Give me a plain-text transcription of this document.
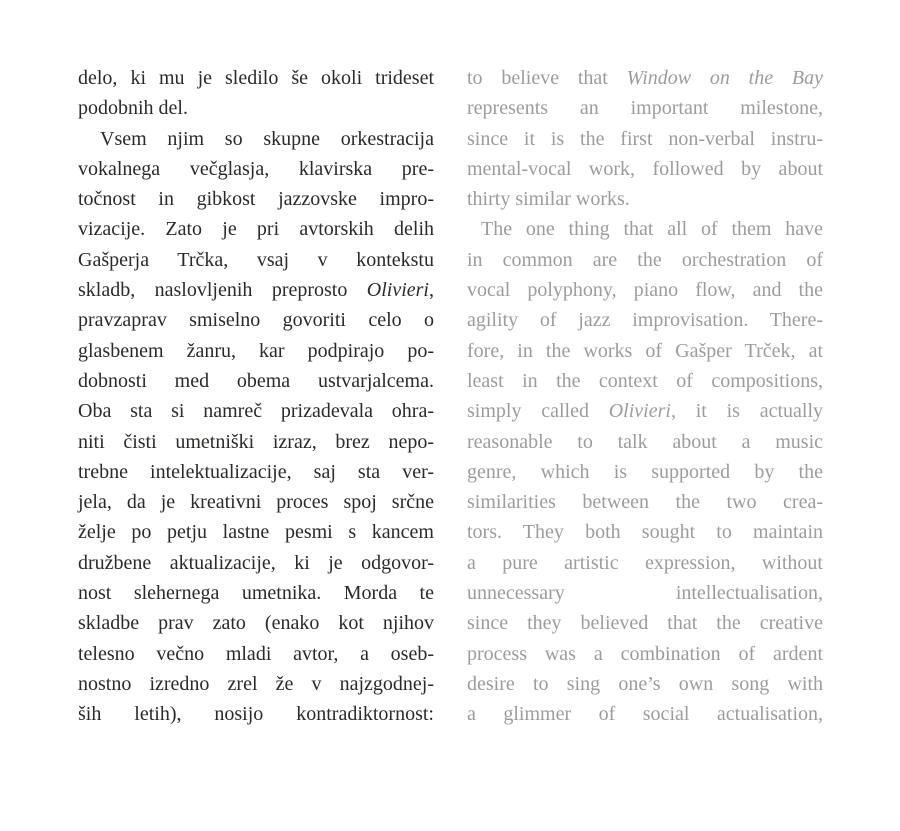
delo, ki mu je sledilo še okoli trideset
podobnih del.
Vsem njim so skupne orkestracija
vokalnega večglasja, klavirska pre-
točnost in gibkost jazzovske impro-
vizacije. Zato je pri avtorskih delih
Gašperja Trčka, vsaj v kontekstu
skladb, naslovljenih preprosto Olivieri,
pravzaprav smiselno govoriti celo o
glasbenem žanru, kar podpirajo po-
dobnosti med obema ustvarjalcema.
Oba sta si namreč prizadevala ohra-
niti čisti umetniški izraz, brez nepo-
trebne intelektualizacije, saj sta ver-
jela, da je kreativni proces spoj srčne
želje po petju lastne pesmi s kancem
družbene aktualizacije, ki je odgovor-
nost slehernega umetnika. Morda te
skladbe prav zato (enako kot njihov
telesno večno mladi avtor, a oseb-
nostno izredno zrel že v najzgodnej-
ših letih), nosijo kontradiktornost:
to believe that Window on the Bay
represents an important milestone,
since it is the first non-verbal instru-
mental-vocal work, followed by about
thirty similar works.
The one thing that all of them have
in common are the orchestration of
vocal polyphony, piano flow, and the
agility of jazz improvisation. There-
fore, in the works of Gašper Trček, at
least in the context of compositions,
simply called Olivieri, it is actually
reasonable to talk about a music
genre, which is supported by the
similarities between the two crea-
tors. They both sought to maintain
a pure artistic expression, without
unnecessary intellectualisation,
since they believed that the creative
process was a combination of ardent
desire to sing one’s own song with
a glimmer of social actualisation,
